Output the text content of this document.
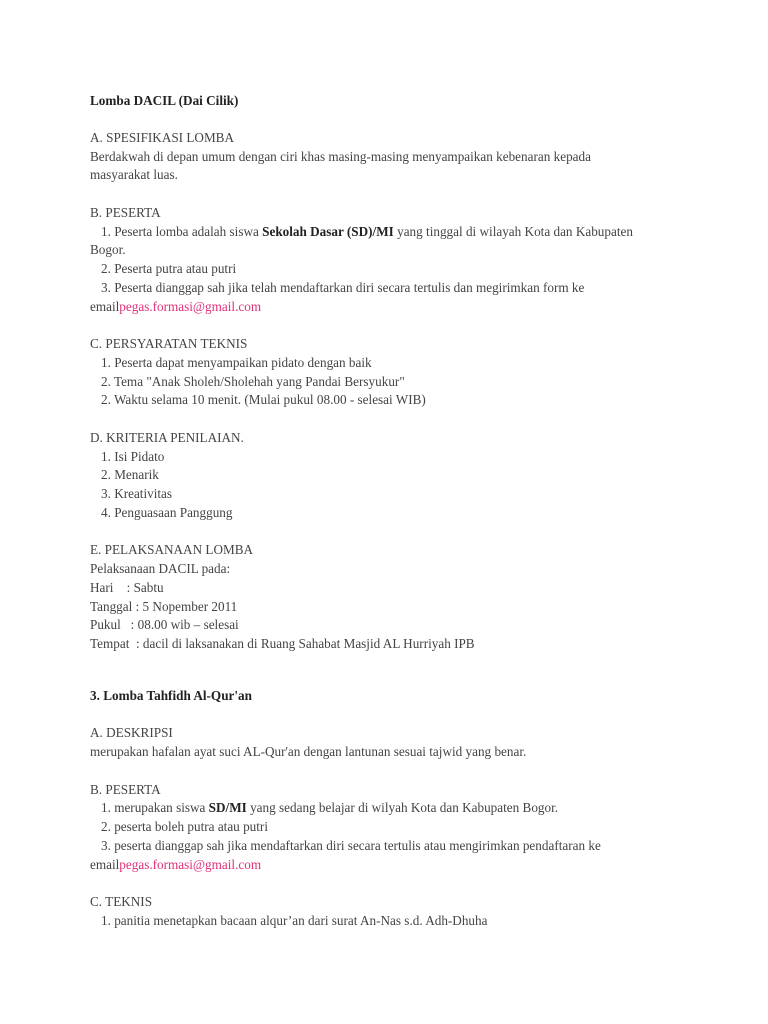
Lomba DACIL (Dai Cilik)
A. SPESIFIKASI LOMBA
Berdakwah di depan umum dengan ciri khas masing-masing menyampaikan kebenaran kepada
masyarakat luas.
B. PESERTA
1. Peserta lomba adalah siswa Sekolah Dasar (SD)/MI yang tinggal di wilayah Kota dan Kabupaten
Bogor.
2. Peserta putra atau putri
3. Peserta dianggap sah jika telah mendaftarkan diri secara tertulis dan megirimkan form ke
emailpegas.formasi@gmail.com
C. PERSYARATAN TEKNIS
1. Peserta dapat menyampaikan pidato dengan baik
2. Tema "Anak Sholeh/Sholehah yang Pandai Bersyukur"
2. Waktu selama 10 menit. (Mulai pukul 08.00 - selesai WIB)
D. KRITERIA PENILAIAN.
1. Isi Pidato
2. Menarik
3. Kreativitas
4. Penguasaan Panggung
E. PELAKSANAAN LOMBA
Pelaksanaan DACIL pada:
Hari    : Sabtu
Tanggal : 5 Nopember 2011
Pukul   : 08.00 wib – selesai
Tempat  : dacil di laksanakan di Ruang Sahabat Masjid AL Hurriyah IPB
3. Lomba Tahfidh Al-Qur'an
A. DESKRIPSI
merupakan hafalan ayat suci AL-Qur'an dengan lantunan sesuai tajwid yang benar.
B. PESERTA
1. merupakan siswa SD/MI yang sedang belajar di wilyah Kota dan Kabupaten Bogor.
2. peserta boleh putra atau putri
3. peserta dianggap sah jika mendaftarkan diri secara tertulis atau mengirimkan pendaftaran ke
emailpegas.formasi@gmail.com
C. TEKNIS
1. panitia menetapkan bacaan alqur’an dari surat An-Nas s.d. Adh-Dhuha
